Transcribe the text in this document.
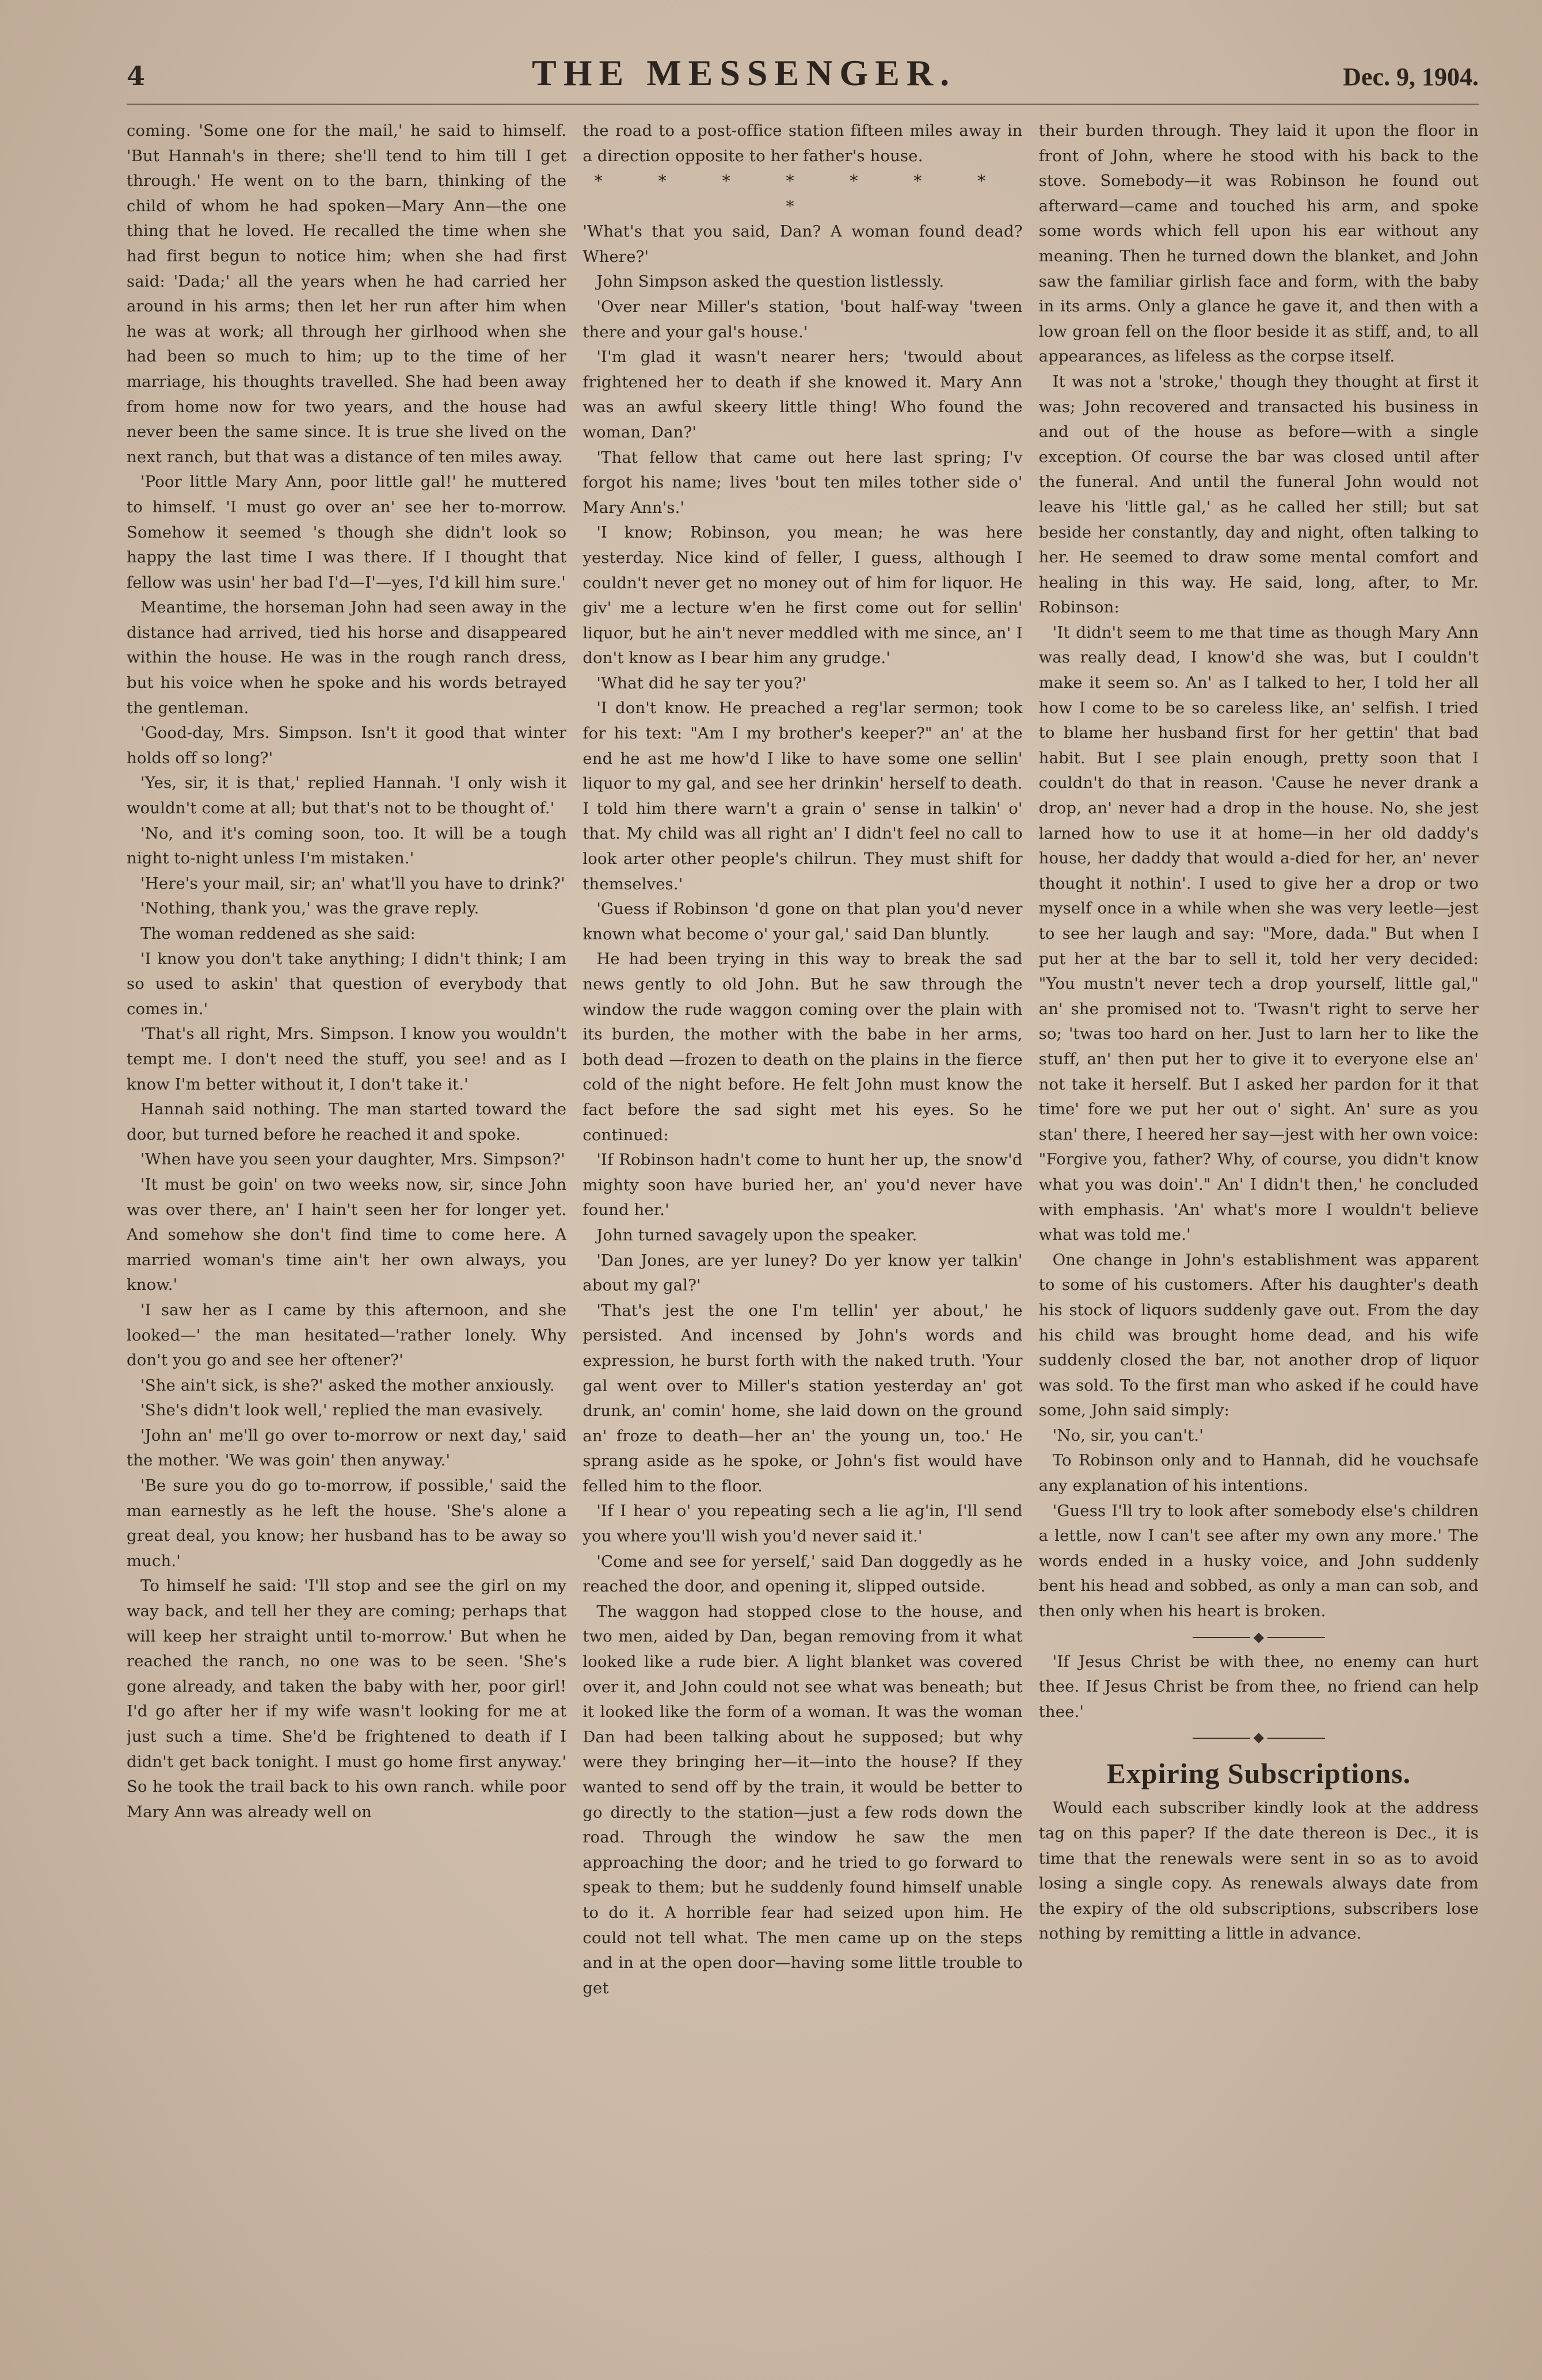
4	THE MESSENGER.	Dec. 9, 1904.

coming. 'Some one for the mail,' he said to himself. 'But Hannah's in there; she'll tend to him till I get through.' He went on to the barn, thinking of the child of whom he had spoken—Mary Ann—the one thing that he loved. He recalled the time when she had first begun to notice him; when she had first said: 'Dada;' all the years when he had carried her around in his arms; then let her run after him when he was at work; all through her girlhood when she had been so much to him; up to the time of her marriage, his thoughts travelled. She had been away from home now for two years, and the house had never been the same since. It is true she lived on the next ranch, but that was a distance of ten miles away.

'Poor little Mary Ann, poor little gal!' he muttered to himself. 'I must go over an' see her to-morrow. Somehow it seemed 's though she didn't look so happy the last time I was there. If I thought that fellow was usin' her bad I'd—I'—yes, I'd kill him sure.'

Meantime, the horseman John had seen away in the distance had arrived, tied his horse and disappeared within the house. He was in the rough ranch dress, but his voice when he spoke and his words betrayed the gentleman.

'Good-day, Mrs. Simpson. Isn't it good that winter holds off so long?'

'Yes, sir, it is that,' replied Hannah. 'I only wish it wouldn't come at all; but that's not to be thought of.'

'No, and it's coming soon, too. It will be a tough night to-night unless I'm mistaken.'

'Here's your mail, sir; an' what'll you have to drink?'

'Nothing, thank you,' was the grave reply.

The woman reddened as she said:

'I know you don't take anything; I didn't think; I am so used to askin' that question of everybody that comes in.'

'That's all right, Mrs. Simpson. I know you wouldn't tempt me. I don't need the stuff, you see! and as I know I'm better without it, I don't take it.'

Hannah said nothing. The man started toward the door, but turned before he reached it and spoke.

'When have you seen your daughter, Mrs. Simpson?'

'It must be goin' on two weeks now, sir, since John was over there, an' I hain't seen her for longer yet. And somehow she don't find time to come here. A married woman's time ain't her own always, you know.'

'I saw her as I came by this afternoon, and she looked—' the man hesitated—'rather lonely. Why don't you go and see her oftener?'

'She ain't sick, is she?' asked the mother anxiously.

'She's didn't look well,' replied the man evasively.

'John an' me'll go over to-morrow or next day,' said the mother. 'We was goin' then anyway.'

'Be sure you do go to-morrow, if possible,' said the man earnestly as he left the house. 'She's alone a great deal, you know; her husband has to be away so much.'

To himself he said: 'I'll stop and see the girl on my way back, and tell her they are coming; perhaps that will keep her straight until to-morrow.' But when he reached the ranch, no one was to be seen. 'She's gone already, and taken the baby with her, poor girl! I'd go after her if my wife wasn't looking for me at just such a time. She'd be frightened to death if I didn't get back tonight. I must go home first anyway.' So he took the trail back to his own ranch. while poor Mary Ann was already well on

the road to a post-office station fifteen miles away in a direction opposite to her father's house.

* * * * * * * *

'What's that you said, Dan? A woman found dead? Where?'

John Simpson asked the question listlessly.

'Over near Miller's station, 'bout half-way 'tween there and your gal's house.'

'I'm glad it wasn't nearer hers; 'twould about frightened her to death if she knowed it. Mary Ann was an awful skeery little thing! Who found the woman, Dan?'

'That fellow that came out here last spring; I'v forgot his name; lives 'bout ten miles tother side o' Mary Ann's.'

'I know; Robinson, you mean; he was here yesterday. Nice kind of feller, I guess, although I couldn't never get no money out of him for liquor. He giv' me a lecture w'en he first come out for sellin' liquor, but he ain't never meddled with me since, an' I don't know as I bear him any grudge.'

'What did he say ter you?'

'I don't know. He preached a reg'lar sermon; took for his text: "Am I my brother's keeper?" an' at the end he ast me how'd I like to have some one sellin' liquor to my gal, and see her drinkin' herself to death. I told him there warn't a grain o' sense in talkin' o' that. My child was all right an' I didn't feel no call to look arter other people's chilrun. They must shift for themselves.'

'Guess if Robinson 'd gone on that plan you'd never known what become o' your gal,' said Dan bluntly.

He had been trying in this way to break the sad news gently to old John. But he saw through the window the rude waggon coming over the plain with its burden, the mother with the babe in her arms, both dead —frozen to death on the plains in the fierce cold of the night before. He felt John must know the fact before the sad sight met his eyes. So he continued:

'If Robinson hadn't come to hunt her up, the snow'd mighty soon have buried her, an' you'd never have found her.'

John turned savagely upon the speaker.

'Dan Jones, are yer luney? Do yer know yer talkin' about my gal?'

'That's jest the one I'm tellin' yer about,' he persisted. And incensed by John's words and expression, he burst forth with the naked truth. 'Your gal went over to Miller's station yesterday an' got drunk, an' comin' home, she laid down on the ground an' froze to death—her an' the young un, too.' He sprang aside as he spoke, or John's fist would have felled him to the floor.

'If I hear o' you repeating sech a lie ag'in, I'll send you where you'll wish you'd never said it.'

'Come and see for yerself,' said Dan doggedly as he reached the door, and opening it, slipped outside.

The waggon had stopped close to the house, and two men, aided by Dan, began removing from it what looked like a rude bier. A light blanket was covered over it, and John could not see what was beneath; but it looked like the form of a woman. It was the woman Dan had been talking about he supposed; but why were they bringing her—it—into the house? If they wanted to send off by the train, it would be better to go directly to the station—just a few rods down the road. Through the window he saw the men approaching the door; and he tried to go forward to speak to them; but he suddenly found himself unable to do it. A horrible fear had seized upon him. He could not tell what. The men came up on the steps and in at the open door—having some little trouble to get

their burden through. They laid it upon the floor in front of John, where he stood with his back to the stove. Somebody—it was Robinson he found out afterward—came and touched his arm, and spoke some words which fell upon his ear without any meaning. Then he turned down the blanket, and John saw the familiar girlish face and form, with the baby in its arms. Only a glance he gave it, and then with a low groan fell on the floor beside it as stiff, and, to all appearances, as lifeless as the corpse itself.

It was not a 'stroke,' though they thought at first it was; John recovered and transacted his business in and out of the house as before—with a single exception. Of course the bar was closed until after the funeral. And until the funeral John would not leave his 'little gal,' as he called her still; but sat beside her constantly, day and night, often talking to her. He seemed to draw some mental comfort and healing in this way. He said, long, after, to Mr. Robinson:

'It didn't seem to me that time as though Mary Ann was really dead, I know'd she was, but I couldn't make it seem so. An' as I talked to her, I told her all how I come to be so careless like, an' selfish. I tried to blame her husband first for her gettin' that bad habit. But I see plain enough, pretty soon that I couldn't do that in reason. 'Cause he never drank a drop, an' never had a drop in the house. No, she jest larned how to use it at home—in her old daddy's house, her daddy that would a-died for her, an' never thought it nothin'. I used to give her a drop or two myself once in a while when she was very leetle—jest to see her laugh and say: "More, dada." But when I put her at the bar to sell it, told her very decided: "You mustn't never tech a drop yourself, little gal," an' she promised not to. 'Twasn't right to serve her so; 'twas too hard on her. Just to larn her to like the stuff, an' then put her to give it to everyone else an' not take it herself. But I asked her pardon for it that time' fore we put her out o' sight. An' sure as you stan' there, I heered her say—jest with her own voice: "Forgive you, father? Why, of course, you didn't know what you was doin'." An' I didn't then,' he concluded with emphasis. 'An' what's more I wouldn't believe what was told me.'

One change in John's establishment was apparent to some of his customers. After his daughter's death his stock of liquors suddenly gave out. From the day his child was brought home dead, and his wife suddenly closed the bar, not another drop of liquor was sold. To the first man who asked if he could have some, John said simply:

'No, sir, you can't.'

To Robinson only and to Hannah, did he vouchsafe any explanation of his intentions.

'Guess I'll try to look after somebody else's children a lettle, now I can't see after my own any more.' The words ended in a husky voice, and John suddenly bent his head and sobbed, as only a man can sob, and then only when his heart is broken.

◆

'If Jesus Christ be with thee, no enemy can hurt thee. If Jesus Christ be from thee, no friend can help thee.'

◆
Expiring Subscriptions.

Would each subscriber kindly look at the address tag on this paper? If the date thereon is Dec., it is time that the renewals were sent in so as to avoid losing a single copy. As renewals always date from the expiry of the old subscriptions, subscribers lose nothing by remitting a little in advance.
